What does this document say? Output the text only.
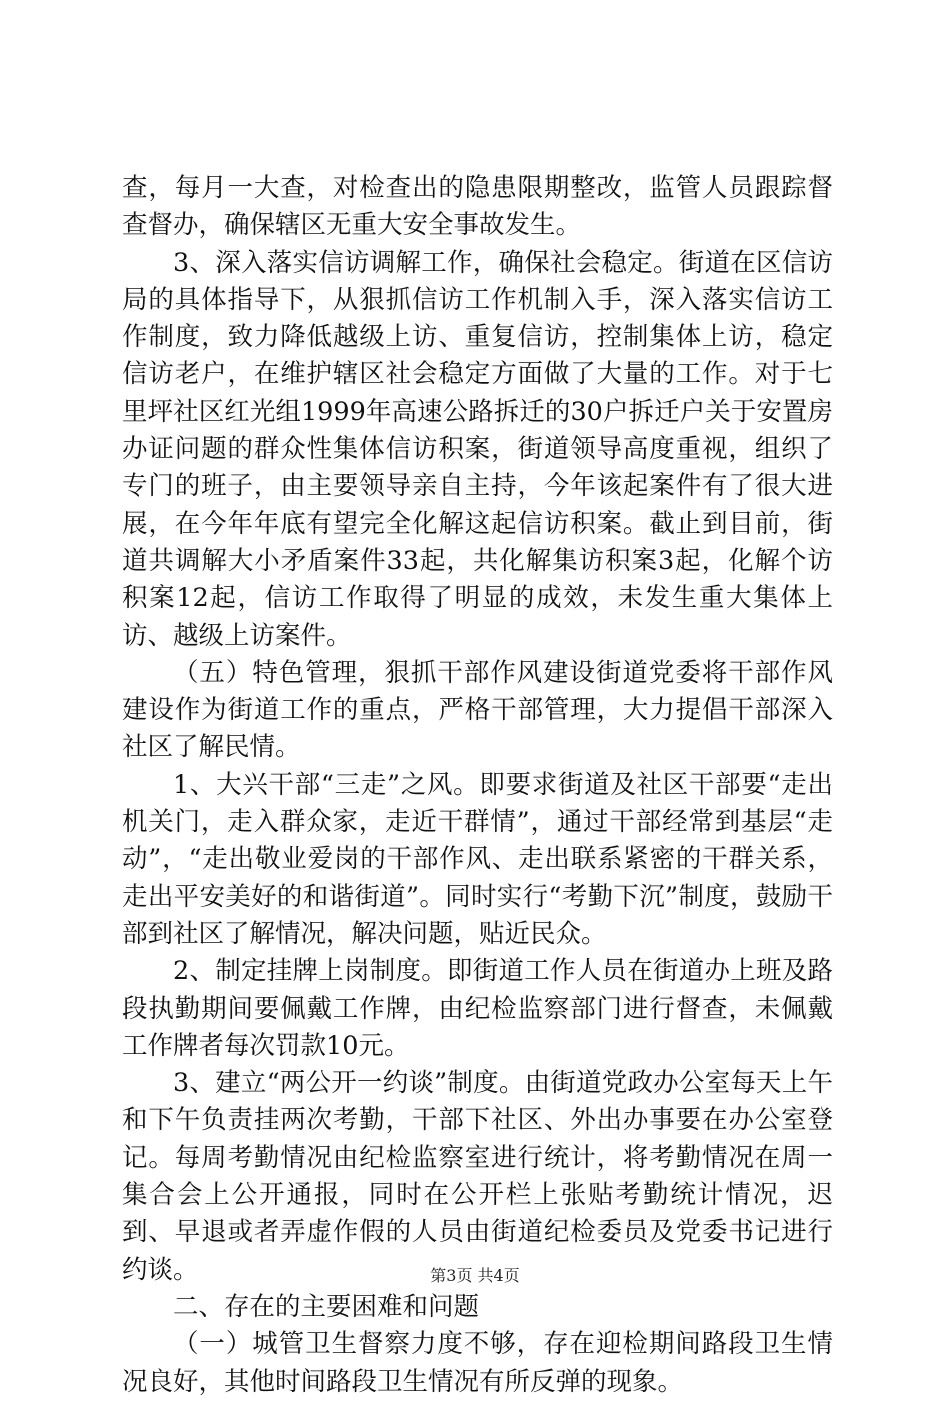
查，每月一大查，对检查出的隐患限期整改，监管人员跟踪督查督办，确保辖区无重大安全事故发生。

3、深入落实信访调解工作，确保社会稳定。街道在区信访局的具体指导下，从狠抓信访工作机制入手，深入落实信访工作制度，致力降低越级上访、重复信访，控制集体上访，稳定信访老户，在维护辖区社会稳定方面做了大量的工作。对于七里坪社区红光组1999年高速公路拆迁的30户拆迁户关于安置房办证问题的群众性集体信访积案，街道领导高度重视，组织了专门的班子，由主要领导亲自主持，今年该起案件有了很大进展，在今年年底有望完全化解这起信访积案。截止到目前，街道共调解大小矛盾案件33起，共化解集访积案3起，化解个访积案12起，信访工作取得了明显的成效，未发生重大集体上访、越级上访案件。

（五）特色管理，狠抓干部作风建设街道党委将干部作风建设作为街道工作的重点，严格干部管理，大力提倡干部深入社区了解民情。

1、大兴干部“三走”之风。即要求街道及社区干部要“走出机关门，走入群众家，走近干群情”，通过干部经常到基层“走动”，“走出敬业爱岗的干部作风、走出联系紧密的干群关系，走出平安美好的和谐街道”。同时实行“考勤下沉”制度，鼓励干部到社区了解情况，解决问题，贴近民众。

2、制定挂牌上岗制度。即街道工作人员在街道办上班及路段执勤期间要佩戴工作牌，由纪检监察部门进行督查，未佩戴工作牌者每次罚款10元。

3、建立“两公开一约谈”制度。由街道党政办公室每天上午和下午负责挂两次考勤，干部下社区、外出办事要在办公室登记。每周考勤情况由纪检监察室进行统计，将考勤情况在周一集合会上公开通报，同时在公开栏上张贴考勤统计情况，迟到、早退或者弄虚作假的人员由街道纪检委员及党委书记进行约谈。

二、存在的主要困难和问题

（一）城管卫生督察力度不够，存在迎检期间路段卫生情况良好，其他时间路段卫生情况有所反弹的现象。

第3页 共4页
